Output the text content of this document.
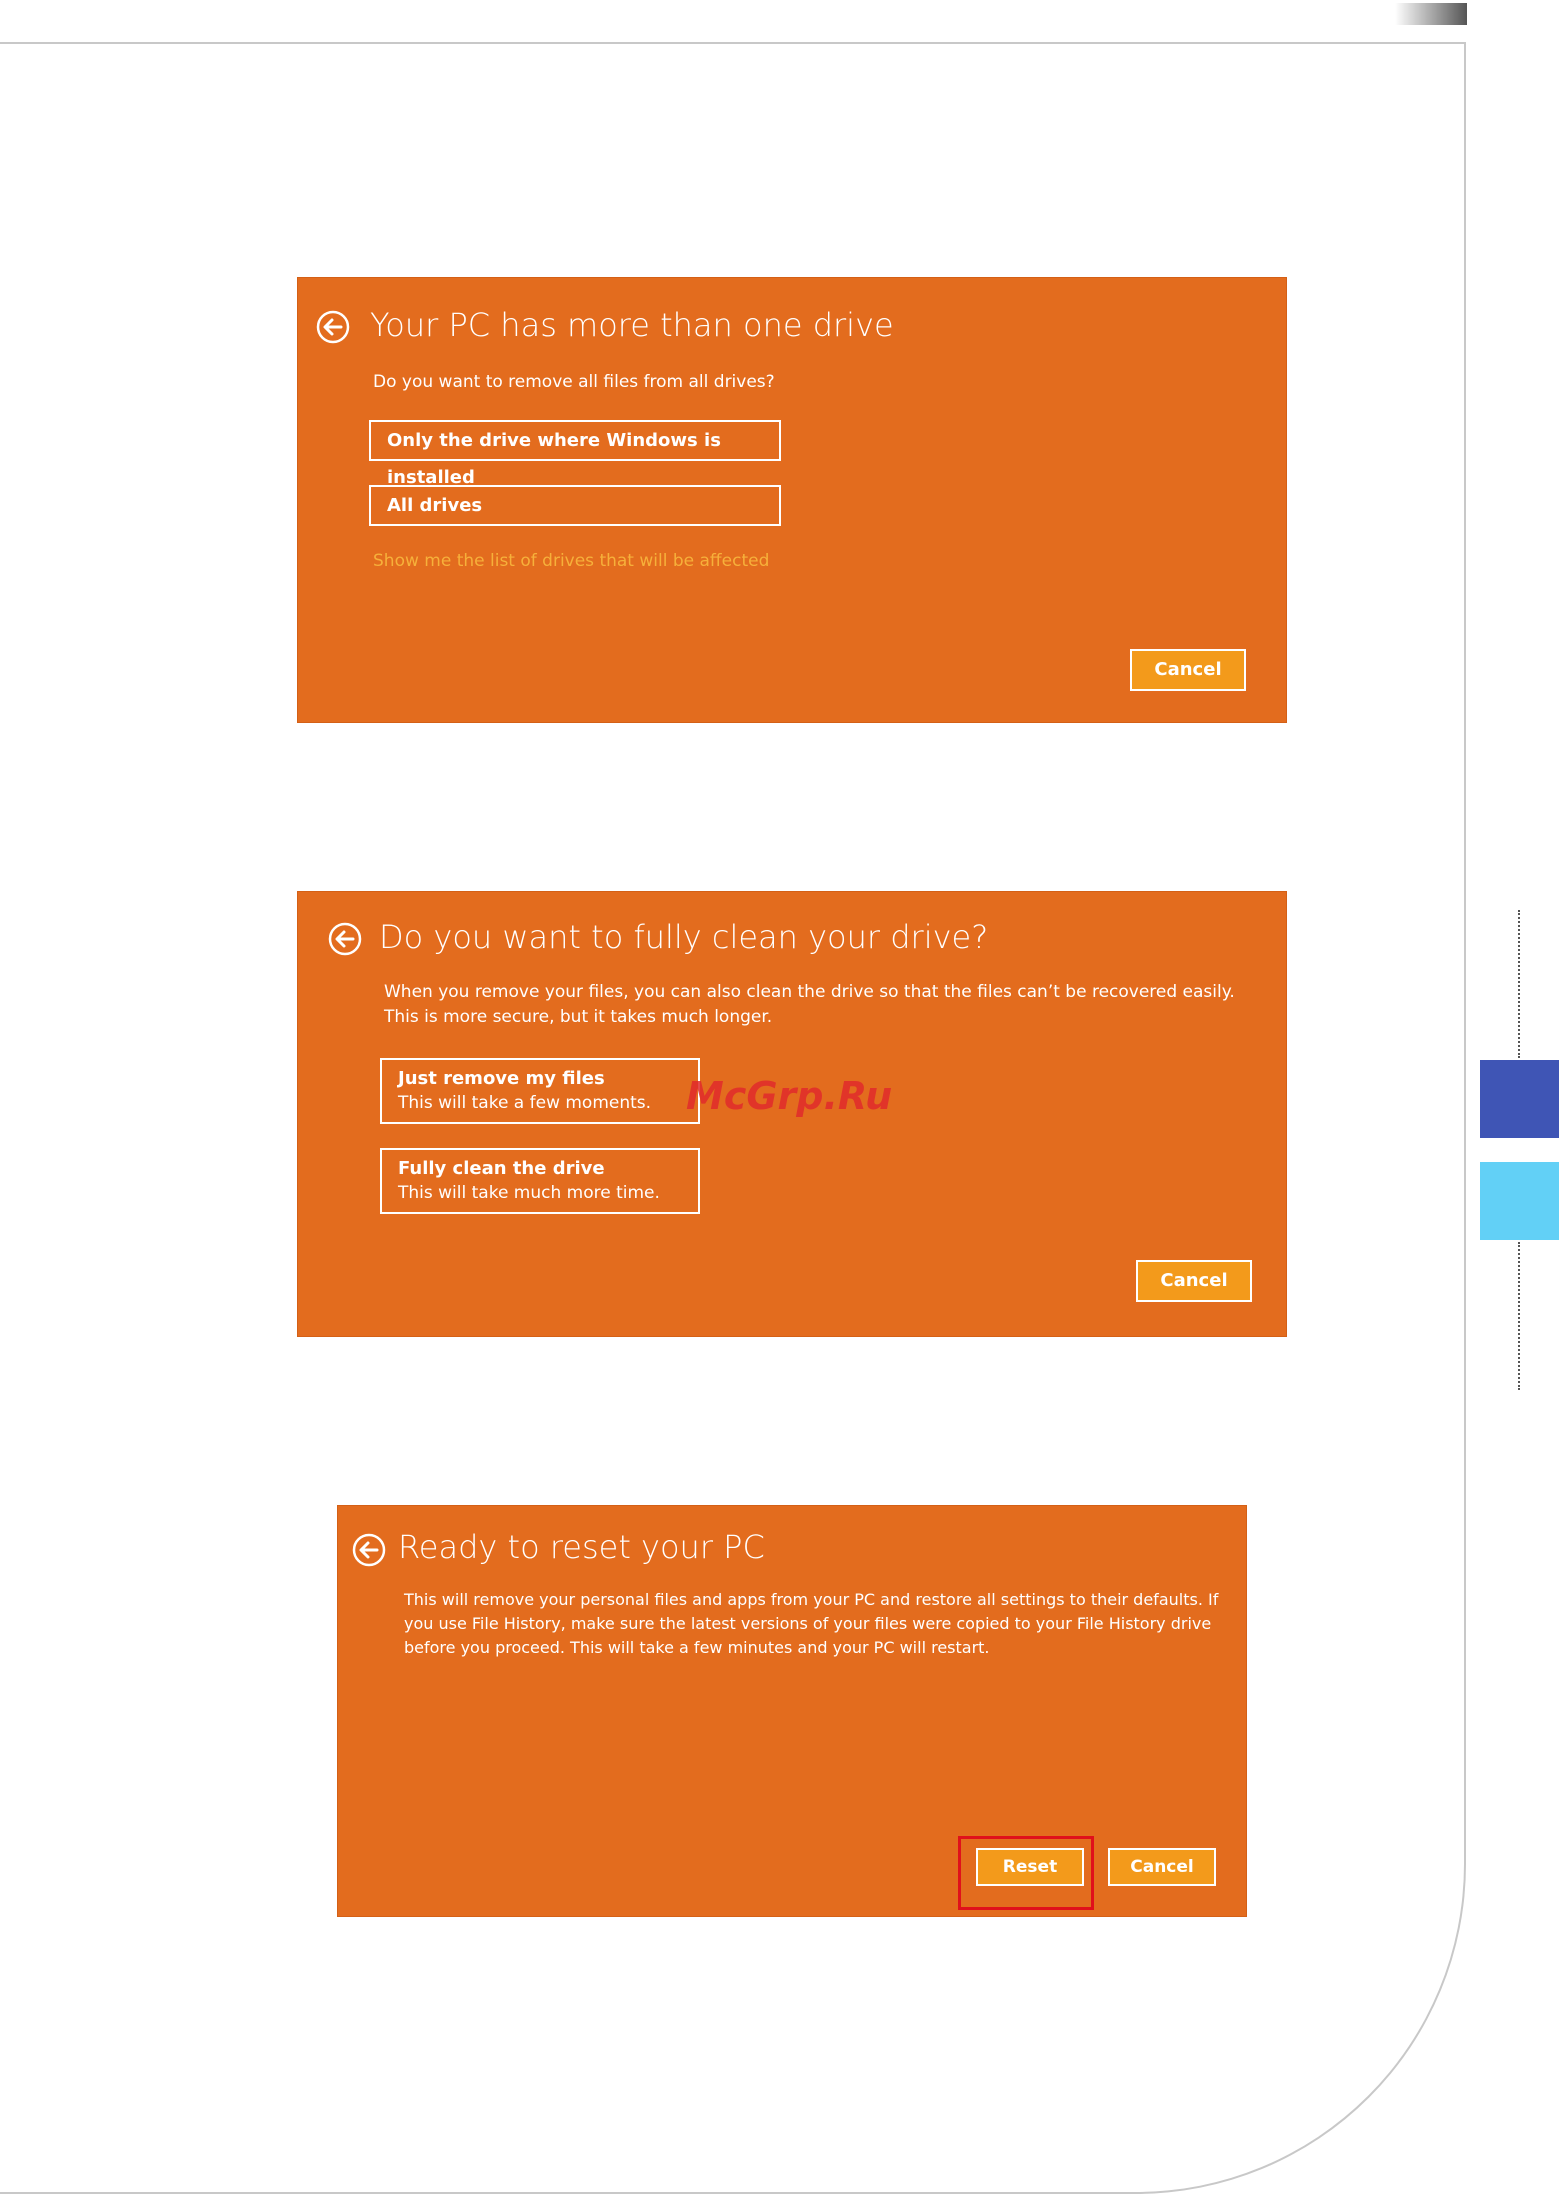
Your PC has more than one drive
Do you want to remove all files from all drives?
Only the drive where Windows is installed
All drives
Show me the list of drives that will be affected
Cancel
Do you want to fully clean your drive?
When you remove your files, you can also clean the drive so that the files can’t be recovered easily.
This is more secure, but it takes much longer.
Just remove my files
This will take a few moments.
Fully clean the drive
This will take much more time.
Cancel
Ready to reset your PC
This will remove your personal files and apps from your PC and restore all settings to their defaults. If
you use File History, make sure the latest versions of your files were copied to your File History drive
before you proceed. This will take a few minutes and your PC will restart.
Reset	Cancel
McGrp.Ru
